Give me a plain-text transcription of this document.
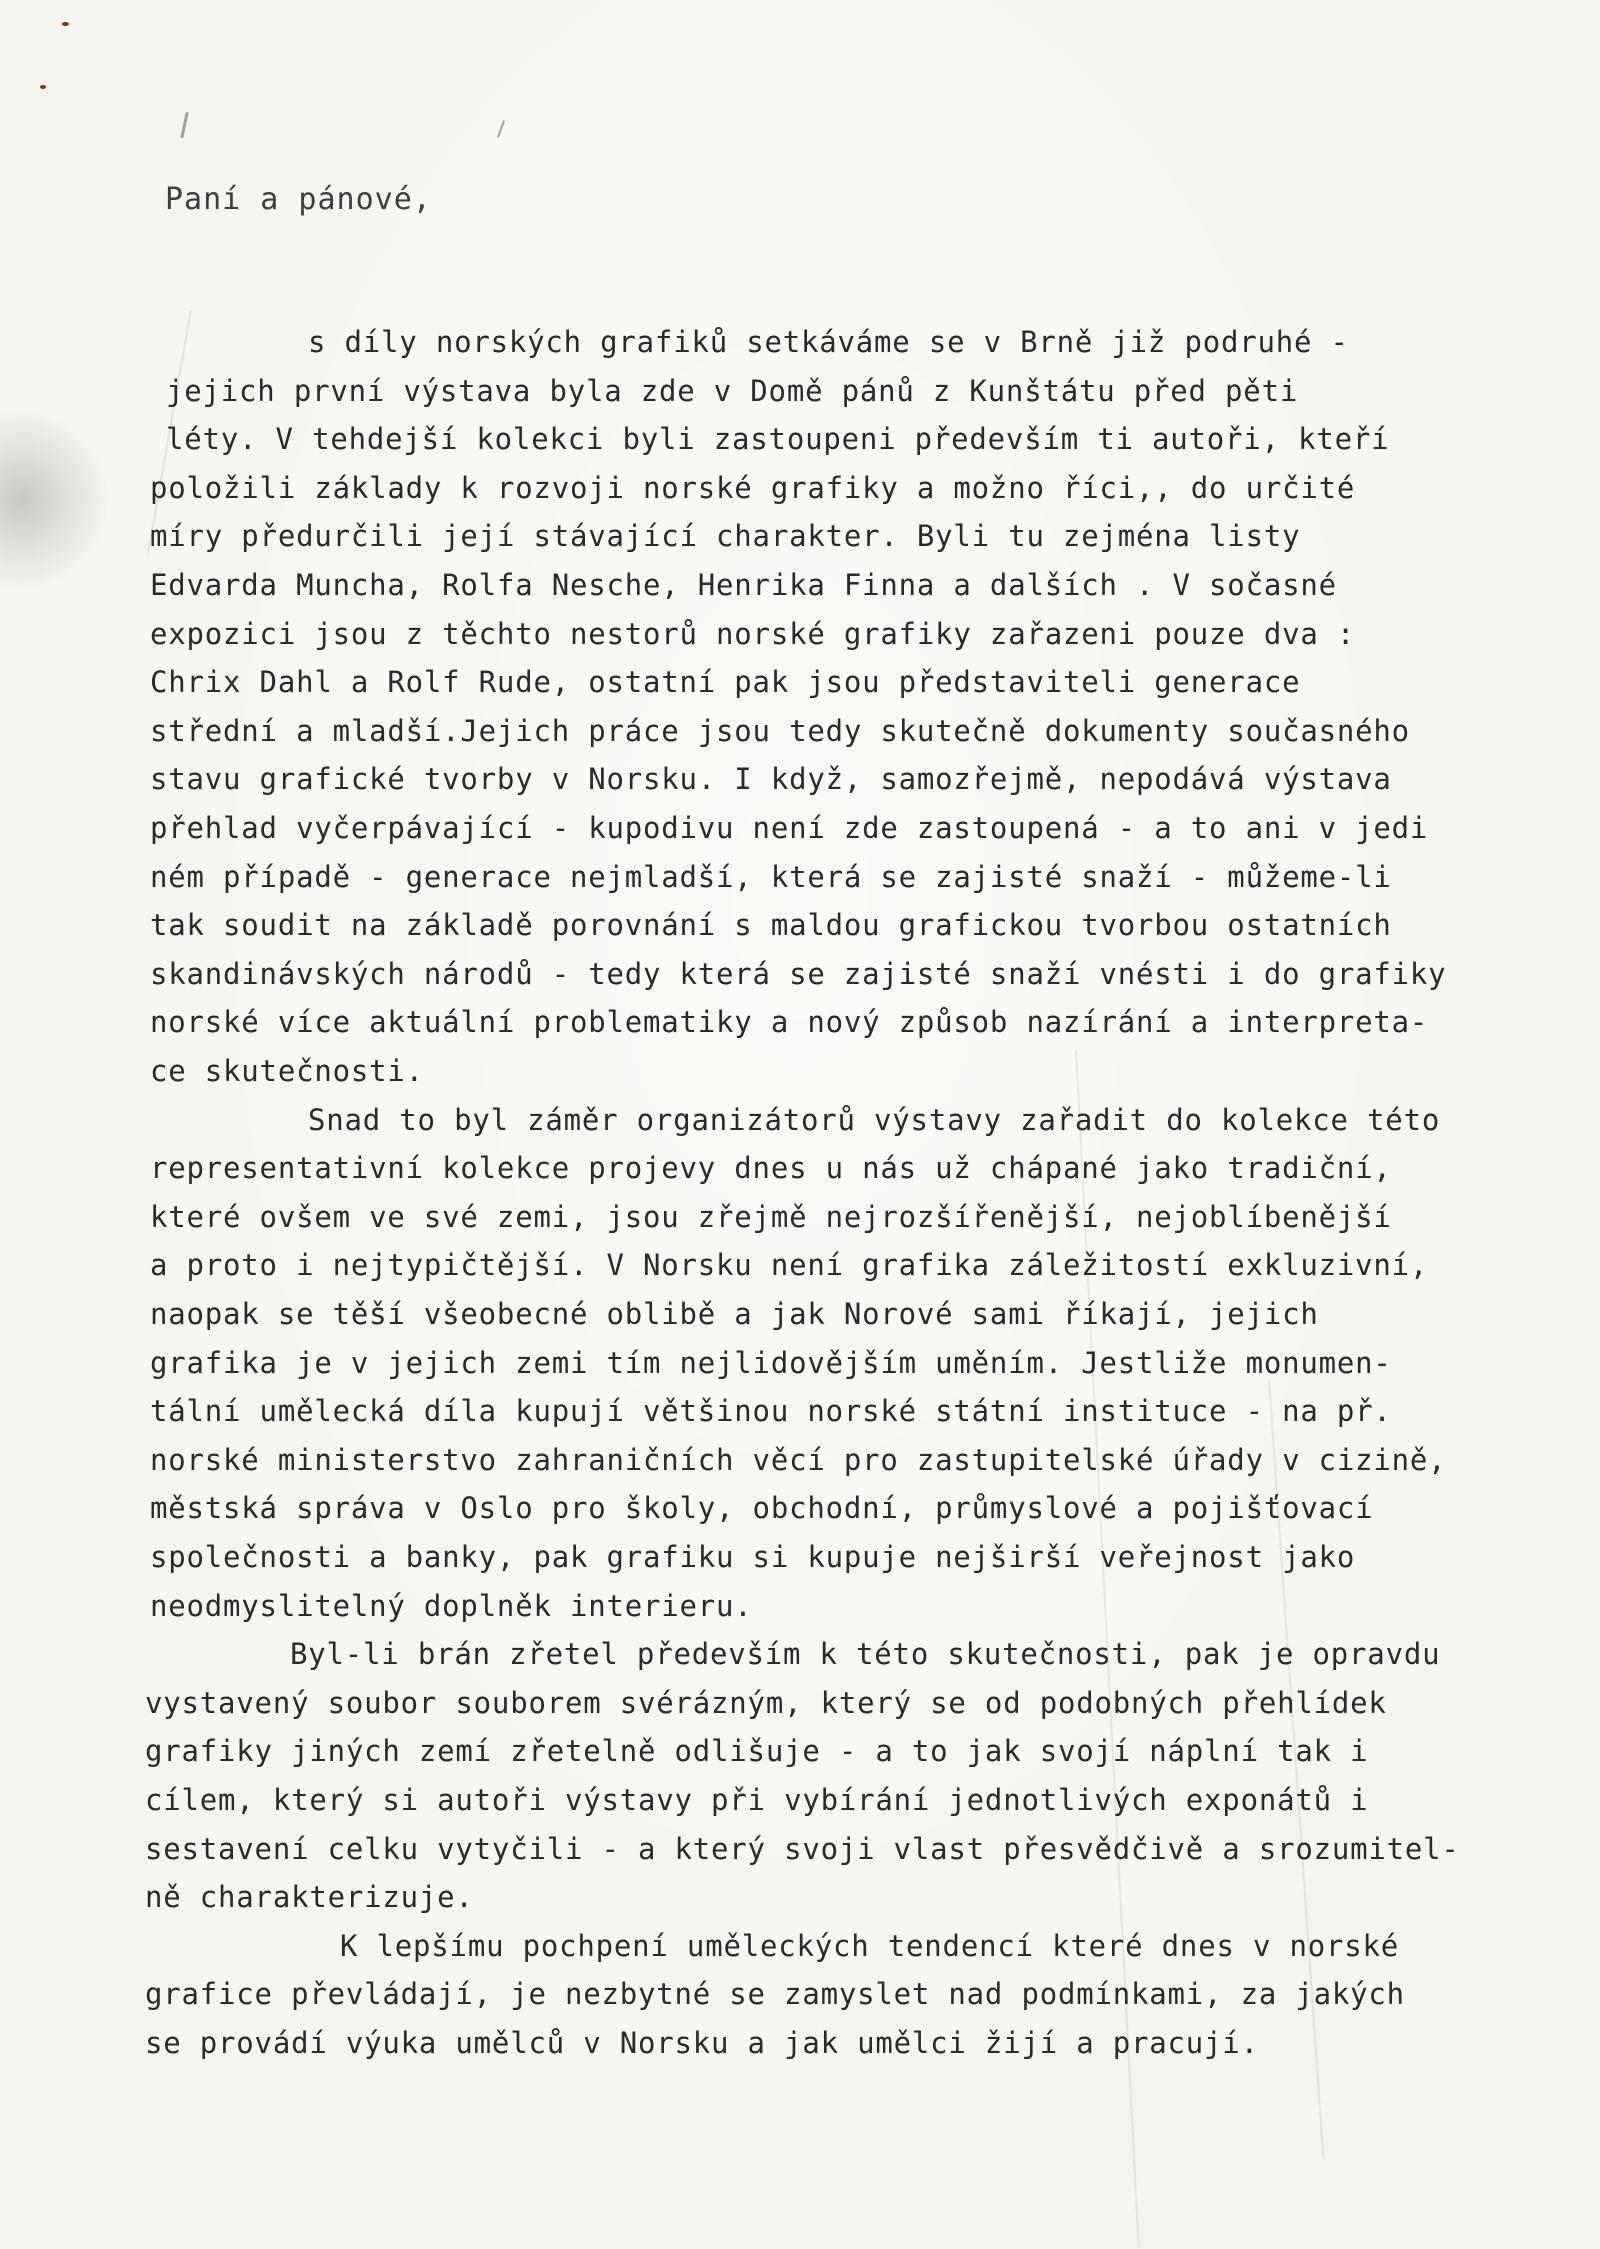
Paní a pánové,
s díly norských grafiků setkáváme se v Brně již podruhé -
jejich první výstava byla zde v Domě pánů z Kunštátu před pěti
léty. V tehdejší kolekci byli zastoupeni především ti autoři, kteří
položili základy k rozvoji norské grafiky a možno říci,, do určité
míry předurčili její stávající charakter. Byli tu zejména listy
Edvarda Muncha, Rolfa Nesche, Henrika Finna a dalších . V sočasné
expozici jsou z těchto nestorů norské grafiky zařazeni pouze dva :
Chrix Dahl a Rolf Rude, ostatní pak jsou představiteli generace
střední a mladší.Jejich práce jsou tedy skutečně dokumenty současného
stavu grafické tvorby v Norsku. I když, samozřejmě, nepodává výstava
přehlad vyčerpávající - kupodivu není zde zastoupená - a to ani v jedi
ném případě - generace nejmladší, která se zajisté snaží - můžeme-li
tak soudit na základě porovnání s maldou grafickou tvorbou ostatních
skandinávských národů - tedy která se zajisté snaží vnésti i do grafiky
norské více aktuální problematiky a nový způsob nazírání a interpreta-
ce skutečnosti.
Snad to byl záměr organizátorů výstavy zařadit do kolekce této
representativní kolekce projevy dnes u nás už chápané jako tradiční,
které ovšem ve své zemi, jsou zřejmě nejrozšířenější, nejoblíbenější
a proto i nejtypičtější. V Norsku není grafika záležitostí exkluzivní,
naopak se těší všeobecné oblibě a jak Norové sami říkají, jejich
grafika je v jejich zemi tím nejlidovějším uměním. Jestliže monumen-
tální umělecká díla kupují většinou norské státní instituce - na př.
norské ministerstvo zahraničních věcí pro zastupitelské úřady v cizině,
městská správa v Oslo pro školy, obchodní, průmyslové a pojišťovací
společnosti a banky, pak grafiku si kupuje nejširší veřejnost jako
neodmyslitelný doplněk interieru.
Byl-li brán zřetel především k této skutečnosti, pak je opravdu
vystavený soubor souborem svérázným, který se od podobných přehlídek
grafiky jiných zemí zřetelně odlišuje - a to jak svojí náplní tak i
cílem, který si autoři výstavy při vybírání jednotlivých exponátů i
sestavení celku vytyčili - a který svoji vlast přesvědčivě a srozumitel-
ně charakterizuje.
K lepšímu pochpení uměleckých tendencí které dnes v norské
grafice převládají, je nezbytné se zamyslet nad podmínkami, za jakých
se provádí výuka umělců v Norsku a jak umělci žijí a pracují.
